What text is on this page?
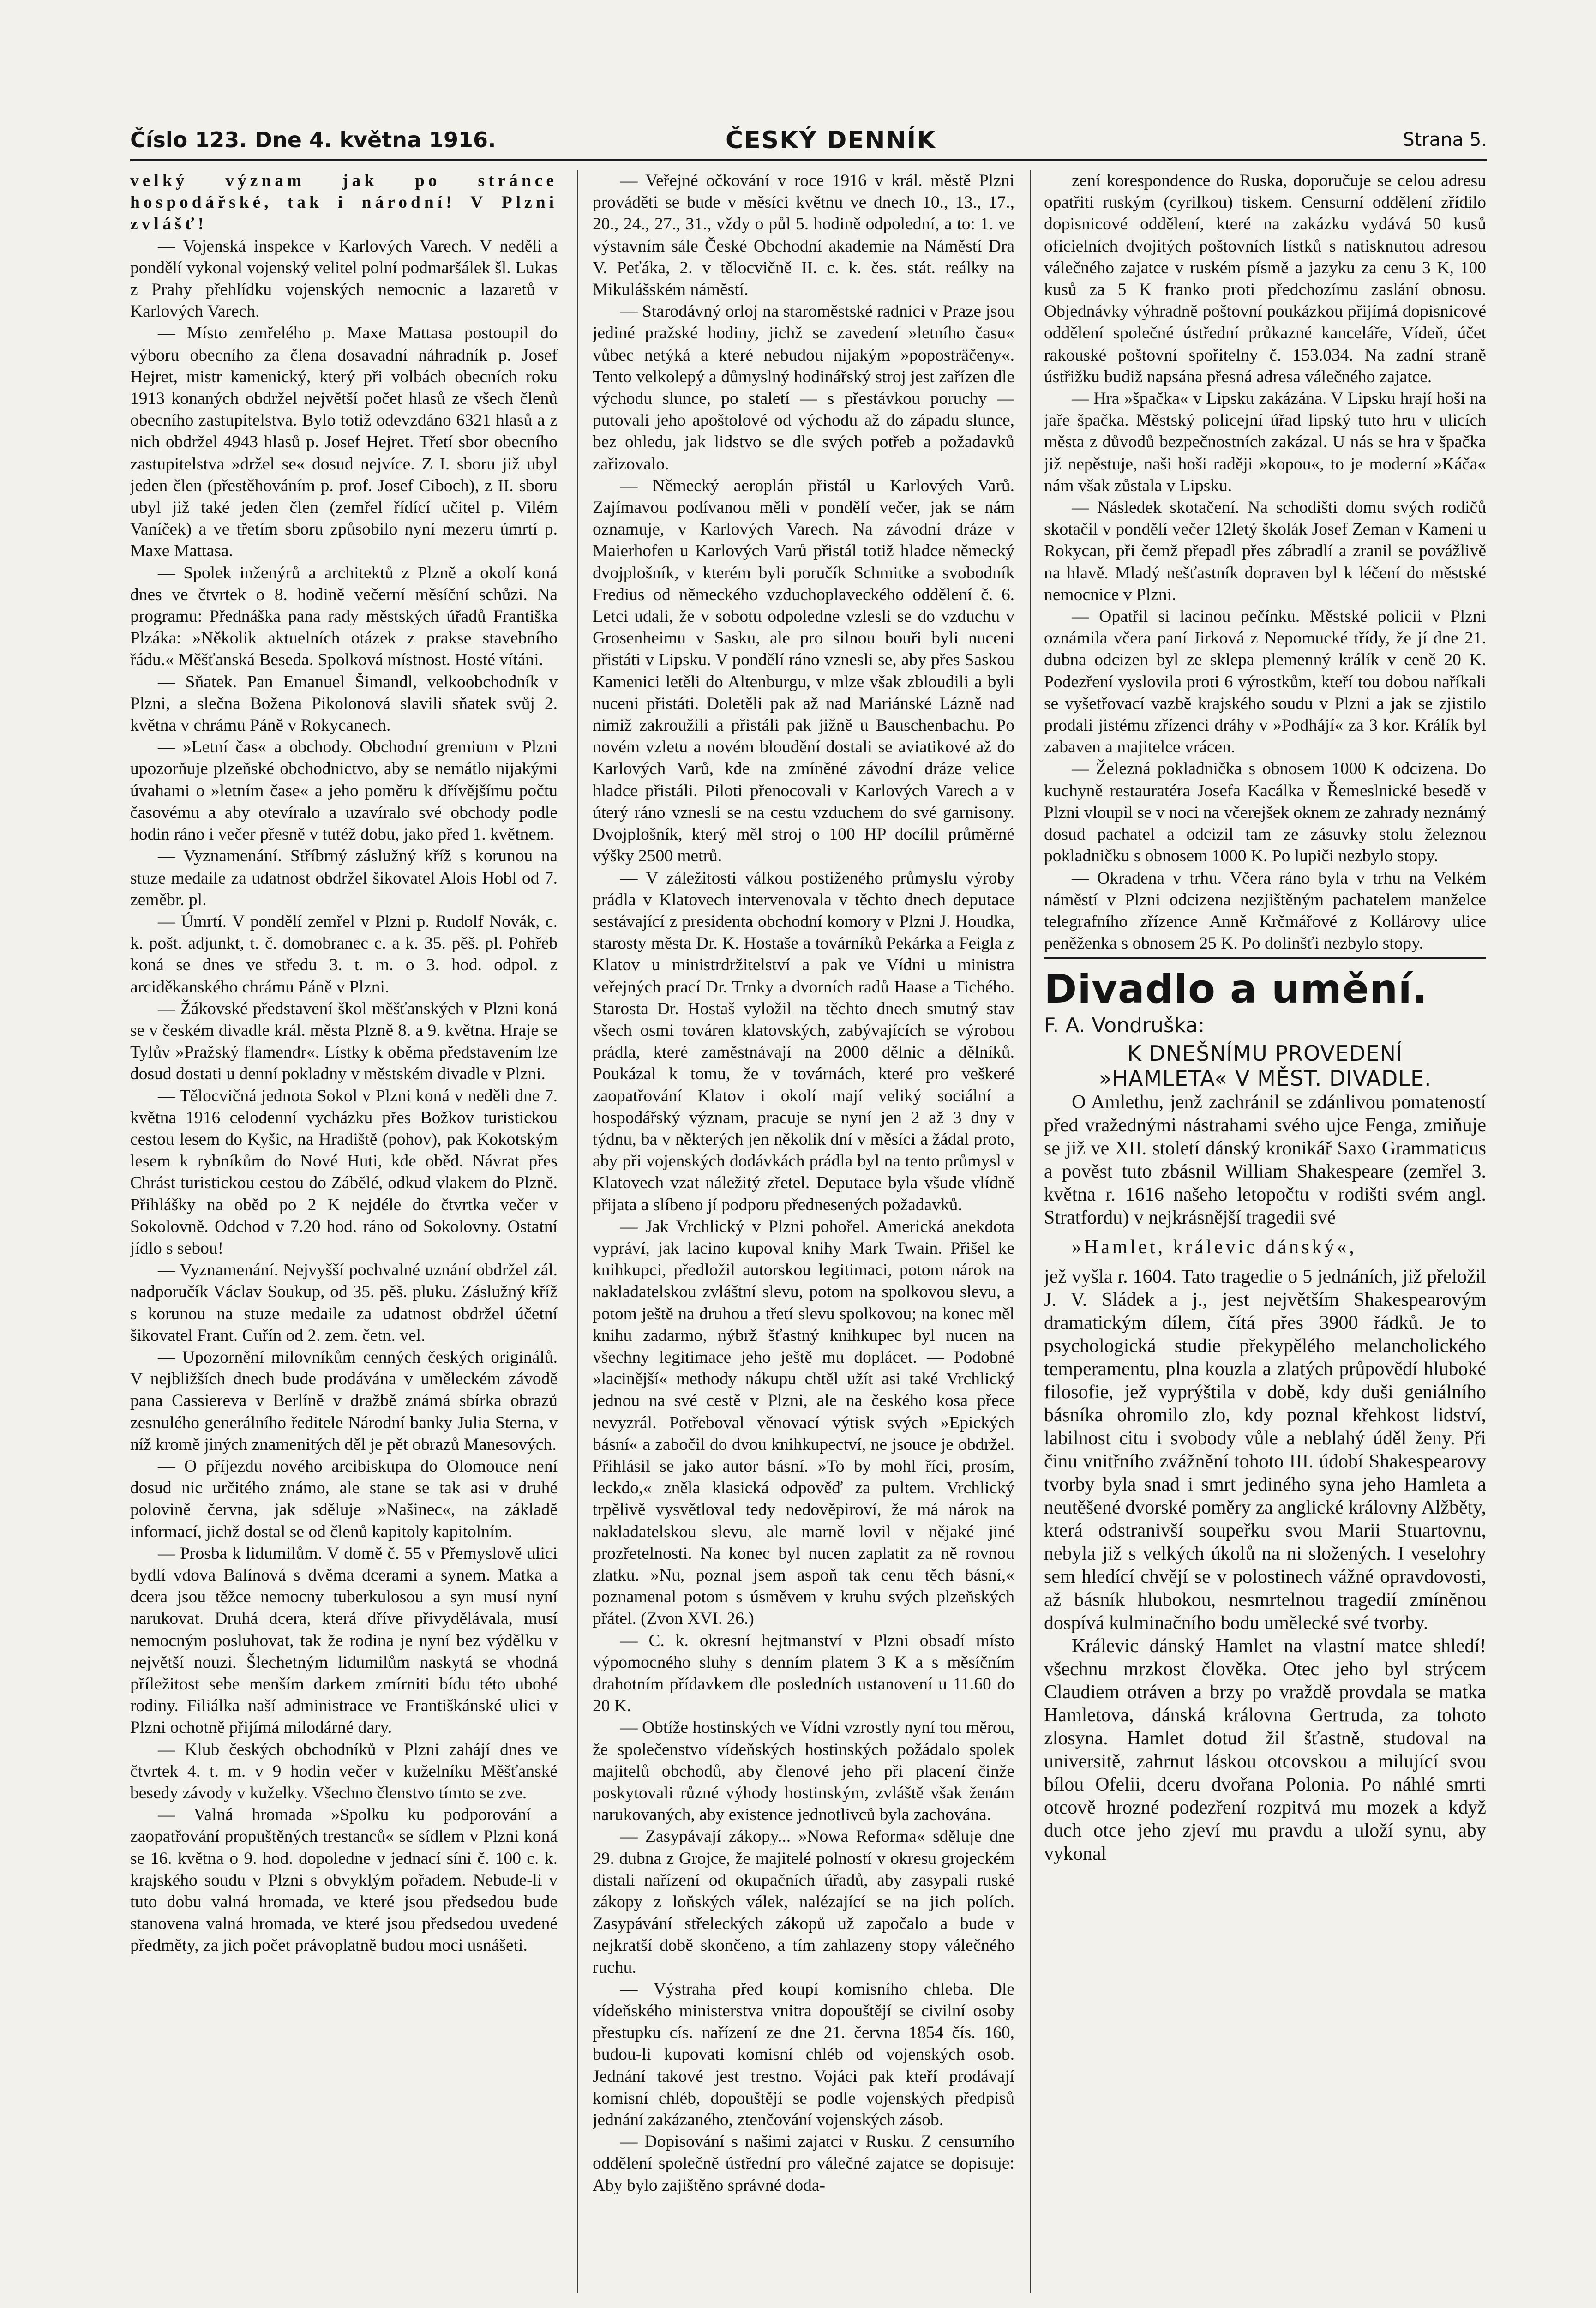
Číslo 123. Dne 4. května 1916.	ČESKÝ DENNÍK	Strana 5.

velký význam jak po stránce hospodářské, tak i národní! V Plzni zvlášť!

— Vojenská inspekce v Karlových Varech. V neděli a pondělí vykonal vojenský velitel polní podmaršálek šl. Lukas z Prahy přehlídku vojenských nemocnic a lazaretů v Karlových Varech.

— Místo zemřelého p. Maxe Mattasa postoupil do výboru obecního za člena dosavadní náhradník p. Josef Hejret, mistr kamenický, který při volbách obecních roku 1913 konaných obdržel největší počet hlasů ze všech členů obecního zastupitelstva. Bylo totiž odevzdáno 6321 hlasů a z nich obdržel 4943 hlasů p. Josef Hejret. Třetí sbor obecního zastupitelstva »držel se« dosud nejvíce. Z I. sboru již ubyl jeden člen (přestěhováním p. prof. Josef Ciboch), z II. sboru ubyl již také jeden člen (zemřel řídící učitel p. Vilém Vaníček) a ve třetím sboru způsobilo nyní mezeru úmrtí p. Maxe Mattasa.

— Spolek inženýrů a architektů z Plzně a okolí koná dnes ve čtvrtek o 8. hodině večerní měsíční schůzi. Na programu: Přednáška pana rady městských úřadů Františka Plzáka: »Několik aktuelních otázek z prakse stavebního řádu.« Měšťanská Beseda. Spolková místnost. Hosté vítáni.

— Sňatek. Pan Emanuel Šimandl, velkoobchodník v Plzni, a slečna Božena Pikolonová slavili sňatek svůj 2. května v chrámu Páně v Rokycanech.

— »Letní čas« a obchody. Obchodní gremium v Plzni upozorňuje plzeňské obchodnictvo, aby se nemátlo nijakými úvahami o »letním čase« a jeho poměru k dřívějšímu počtu časovému a aby otevíralo a uzavíralo své obchody podle hodin ráno i večer přesně v tutéž dobu, jako před 1. květnem.

— Vyznamenání. Stříbrný záslužný kříž s korunou na stuze medaile za udatnost obdržel šikovatel Alois Hobl od 7. zeměbr. pl.

— Úmrtí. V pondělí zemřel v Plzni p. Rudolf Novák, c. k. pošt. adjunkt, t. č. domobranec c. a k. 35. pěš. pl. Pohřeb koná se dnes ve středu 3. t. m. o 3. hod. odpol. z arciděkanského chrámu Páně v Plzni.

— Žákovské představení škol měšťanských v Plzni koná se v českém divadle král. města Plzně 8. a 9. května. Hraje se Tylův »Pražský flamendr«. Lístky k oběma představením lze dosud dostati u denní pokladny v městském divadle v Plzni.

— Tělocvičná jednota Sokol v Plzni koná v neděli dne 7. května 1916 celodenní vycházku přes Božkov turistickou cestou lesem do Kyšic, na Hradiště (pohov), pak Kokotským lesem k rybníkům do Nové Huti, kde oběd. Návrat přes Chrást turistickou cestou do Zábělé, odkud vlakem do Plzně. Přihlášky na oběd po 2 K nejdéle do čtvrtka večer v Sokolovně. Odchod v 7.20 hod. ráno od Sokolovny. Ostatní jídlo s sebou!

— Vyznamenání. Nejvyšší pochvalné uznání obdržel zál. nadporučík Václav Soukup, od 35. pěš. pluku. Záslužný kříž s korunou na stuze medaile za udatnost obdržel účetní šikovatel Frant. Cuřín od 2. zem. četn. vel.

— Upozornění milovníkům cenných českých originálů. V nejbližších dnech bude prodávána v uměleckém závodě pana Cassiereva v Berlíně v dražbě známá sbírka obrazů zesnulého generálního ředitele Národní banky Julia Sterna, v níž kromě jiných znamenitých děl je pět obrazů Manesových.

— O příjezdu nového arcibiskupa do Olomouce není dosud nic určitého známo, ale stane se tak asi v druhé polovině června, jak sděluje »Našinec«, na základě informací, jichž dostal se od členů kapitoly kapitolním.

— Prosba k lidumilům. V domě č. 55 v Přemyslově ulici bydlí vdova Balínová s dvěma dcerami a synem. Matka a dcera jsou těžce nemocny tuberkulosou a syn musí nyní narukovat. Druhá dcera, která dříve přivydělávala, musí nemocným posluhovat, tak že rodina je nyní bez výdělku v největší nouzi. Šlechetným lidumilům naskytá se vhodná příležitost sebe menším darkem zmírniti bídu této ubohé rodiny. Filiálka naší administrace ve Františkánské ulici v Plzni ochotně přijímá milodárné dary.

— Klub českých obchodníků v Plzni zahájí dnes ve čtvrtek 4. t. m. v 9 hodin večer v kuželníku Měšťanské besedy závody v kuželky. Všechno členstvo tímto se zve.

— Valná hromada »Spolku ku podporování a zaopatřování propuštěných trestanců« se sídlem v Plzni koná se 16. května o 9. hod. dopoledne v jednací síni č. 100 c. k. krajského soudu v Plzni s obvyklým pořadem. Nebude-li v tuto dobu valná hromada, ve které jsou předsedou bude stanovena valná hromada, ve které jsou předsedou uvedené předměty, za jich počet právoplatně budou moci usnášeti.

— Veřejné očkování v roce 1916 v král. městě Plzni prováděti se bude v měsíci květnu ve dnech 10., 13., 17., 20., 24., 27., 31., vždy o půl 5. hodině odpolední, a to: 1. ve výstavním sále České Obchodní akademie na Náměstí Dra V. Peťáka, 2. v tělocvičně II. c. k. čes. stát. reálky na Mikulášském náměstí.

— Starodávný orloj na staroměstské radnici v Praze jsou jediné pražské hodiny, jichž se zavedení »letního času« vůbec netýká a které nebudou nijakým »poposträčeny«. Tento velkolepý a důmyslný hodinářský stroj jest zařízen dle východu slunce, po staletí — s přestávkou poruchy — putovali jeho apoštolové od východu až do západu slunce, bez ohledu, jak lidstvo se dle svých potřeb a požadavků zařizovalo.

— Německý aeroplán přistál u Karlových Varů. Zajímavou podívanou měli v pondělí večer, jak se nám oznamuje, v Karlových Varech. Na závodní dráze v Maierhofen u Karlových Varů přistál totiž hladce německý dvojplošník, v kterém byli poručík Schmitke a svobodník Fredius od německého vzduchoplaveckého oddělení č. 6. Letci udali, že v sobotu odpoledne vzlesli se do vzduchu v Grosenheimu v Sasku, ale pro silnou bouři byli nuceni přistáti v Lipsku. V pondělí ráno vznesli se, aby přes Saskou Kamenici letěli do Altenburgu, v mlze však zbloudili a byli nuceni přistáti. Doletěli pak až nad Mariánské Lázně nad nimiž zakroužili a přistáli pak jižně u Bauschenbachu. Po novém vzletu a novém bloudění dostali se aviatikové až do Karlových Varů, kde na zmíněné závodní dráze velice hladce přistáli. Piloti přenocovali v Karlových Varech a v úterý ráno vznesli se na cestu vzduchem do své garnisony. Dvojplošník, který měl stroj o 100 HP docílil průměrné výšky 2500 metrů.

— V záležitosti válkou postiženého průmyslu výroby prádla v Klatovech intervenovala v těchto dnech deputace sestávající z presidenta obchodní komory v Plzni J. Houdka, starosty města Dr. K. Hostaše a továrníků Pekárka a Feigla z Klatov u ministrdržitelství a pak ve Vídni u ministra veřejných prací Dr. Trnky a dvorních radů Haase a Tichého. Starosta Dr. Hostaš vyložil na těchto dnech smutný stav všech osmi továren klatovských, zabývajících se výrobou prádla, které zaměstnávají na 2000 dělnic a dělníků. Poukázal k tomu, že v továrnách, které pro veškeré zaopatřování Klatov i okolí mají veliký sociální a hospodářský význam, pracuje se nyní jen 2 až 3 dny v týdnu, ba v některých jen několik dní v měsíci a žádal proto, aby při vojenských dodávkách prádla byl na tento průmysl v Klatovech vzat náležitý zřetel. Deputace byla všude vlídně přijata a slíbeno jí podporu přednesených požadavků.

— Jak Vrchlický v Plzni pohořel. Americká anekdota vypráví, jak lacino kupoval knihy Mark Twain. Přišel ke knihkupci, předložil autorskou legitimaci, potom nárok na nakladatelskou zvláštní slevu, potom na spolkovou slevu, a potom ještě na druhou a třetí slevu spolkovou; na konec měl knihu zadarmo, nýbrž šťastný knihkupec byl nucen na všechny legitimace jeho ještě mu doplácet. — Podobné »lacinější« methody nákupu chtěl užít asi také Vrchlický jednou na své cestě v Plzni, ale na českého kosa přece nevyzrál. Potřeboval věnovací výtisk svých »Epických básní« a zabočil do dvou knihkupectví, ne jsouce je obdržel. Přihlásil se jako autor básní. »To by mohl říci, prosím, leckdo,« zněla klasická odpověď za pultem. Vrchlický trpělivě vysvětloval tedy nedověpiroví, že má nárok na nakladatelskou slevu, ale marně lovil v nějaké jiné prozřetelnosti. Na konec byl nucen zaplatit za ně rovnou zlatku. »Nu, poznal jsem aspoň tak cenu těch básní,« poznamenal potom s úsměvem v kruhu svých plzeňských přátel. (Zvon XVI. 26.)

— C. k. okresní hejtmanství v Plzni obsadí místo výpomocného sluhy s denním platem 3 K a s měsíčním drahotním přídavkem dle posledních ustanovení u 11.60 do 20 K.

— Obtíže hostinských ve Vídni vzrostly nyní tou měrou, že společenstvo vídeňských hostinských požádalo spolek majitelů obchodů, aby členové jeho při placení činže poskytovali různé výhody hostinským, zvláště však ženám narukovaných, aby existence jednotlivců byla zachována.

— Zasypávají zákopy... »Nowa Reforma« sděluje dne 29. dubna z Grojce, že majitelé polností v okresu grojeckém distali nařízení od okupačních úřadů, aby zasypali ruské zákopy z loňských válek, nalézající se na jich polích. Zasypávání střeleckých zákopů už započalo a bude v nejkratší době skončeno, a tím zahlazeny stopy válečného ruchu.

— Výstraha před koupí komisního chleba. Dle vídeňského ministerstva vnitra dopouštějí se civilní osoby přestupku cís. nařízení ze dne 21. června 1854 čís. 160, budou-li kupovati komisní chléb od vojenských osob. Jednání takové jest trestno. Vojáci pak kteří prodávají komisní chléb, dopouštějí se podle vojenských předpisů jednání zakázaného, ztenčování vojenských zásob.

— Dopisování s našimi zajatci v Rusku. Z censurního oddělení společně ústřední pro válečné zajatce se dopisuje: Aby bylo zajištěno správné doda-

zení korespondence do Ruska, doporučuje se celou adresu opatřiti ruským (cyrilkou) tiskem. Censurní oddělení zřídilo dopisnicové oddělení, které na zakázku vydává 50 kusů oficielních dvojitých poštovních lístků s natisknutou adresou válečného zajatce v ruském písmě a jazyku za cenu 3 K, 100 kusů za 5 K franko proti předchozímu zaslání obnosu. Objednávky výhradně poštovní poukázkou přijímá dopisnicové oddělení společné ústřední průkazné kanceláře, Vídeň, účet rakouské poštovní spořitelny č. 153.034. Na zadní straně ústřižku budiž napsána přesná adresa válečného zajatce.

— Hra »špačka« v Lipsku zakázána. V Lipsku hrají hoši na jaře špačka. Městský policejní úřad lipský tuto hru v ulicích města z důvodů bezpečnostních zakázal. U nás se hra v špačka již nepěstuje, naši hoši raději »kopou«, to je moderní »Káča« nám však zůstala v Lipsku.

— Následek skotačení. Na schodišti domu svých rodičů skotačil v pondělí večer 12letý školák Josef Zeman v Kameni u Rokycan, při čemž přepadl přes zábradlí a zranil se povážlivě na hlavě. Mladý nešťastník dopraven byl k léčení do městské nemocnice v Plzni.

— Opatřil si lacinou pečínku. Městské policii v Plzni oznámila včera paní Jirková z Nepomucké třídy, že jí dne 21. dubna odcizen byl ze sklepa plemenný králík v ceně 20 K. Podezření vyslovila proti 6 výrostkům, kteří tou dobou naříkali se vyšetřovací vazbě krajského soudu v Plzni a jak se zjistilo prodali jistému zřízenci dráhy v »Podhájí« za 3 kor. Králík byl zabaven a majitelce vrácen.

— Železná pokladnička s obnosem 1000 K odcizena. Do kuchyně restauratéra Josefa Kacálka v Řemeslnické besedě v Plzni vloupil se v noci na včerejšek oknem ze zahrady neznámý dosud pachatel a odcizil tam ze zásuvky stolu železnou pokladničku s obnosem 1000 K. Po lupiči nezbylo stopy.

— Okradena v trhu. Včera ráno byla v trhu na Velkém náměstí v Plzni odcizena nezjištěným pachatelem manželce telegrafního zřízence Anně Krčmářové z Kollárovy ulice peněženka s obnosem 25 K. Po dolinšťi nezbylo stopy.

Divadlo a umění.

F. A. Vondruška:

K DNEŠNÍMU PROVEDENÍ

»HAMLETA« V MĚST. DIVADLE.

O Amlethu, jenž zachránil se zdánlivou pomateností před vražednými nástrahami svého ujce Fenga, zmiňuje se již ve XII. století dánský kronikář Saxo Grammaticus a pověst tuto zbásnil William Shakespeare (zemřel 3. května r. 1616 našeho letopočtu v rodišti svém angl. Stratfordu) v nejkrásnější tragedii své

»Hamlet, králevic dánský«,

jež vyšla r. 1604. Tato tragedie o 5 jednáních, již přeložil J. V. Sládek a j., jest největším Shakespearovým dramatickým dílem, čítá přes 3900 řádků. Je to psychologická studie překypělého melancholického temperamentu, plna kouzla a zlatých průpovědí hluboké filosofie, jež vyprýštila v době, kdy duši geniálního básníka ohromilo zlo, kdy poznal křehkost lidství, labilnost citu i svobody vůle a neblahý úděl ženy. Při činu vnitřního zvážnění tohoto III. údobí Shakespearovy tvorby byla snad i smrt jediného syna jeho Hamleta a neutěšené dvorské poměry za anglické královny Alžběty, která odstranivší soupeřku svou Marii Stuartovnu, nebyla již s velkých úkolů na ni složených. I veselohry sem hledící chvějí se v polostinech vážné opravdovosti, až básník hlubokou, nesmrtelnou tragedií zmíněnou dospívá kulminačního bodu umělecké své tvorby.

Králevic dánský Hamlet na vlastní matce shledí! všechnu mrzkost člověka. Otec jeho byl strýcem Claudiem otráven a brzy po vraždě provdala se matka Hamletova, dánská královna Gertruda, za tohoto zlosyna. Hamlet dotud žil šťastně, studoval na universitě, zahrnut láskou otcovskou a milující svou bílou Ofelii, dceru dvořana Polonia. Po náhlé smrti otcově hrozné podezření rozpitvá mu mozek a když duch otce jeho zjeví mu pravdu a uloží synu, aby vykonal
